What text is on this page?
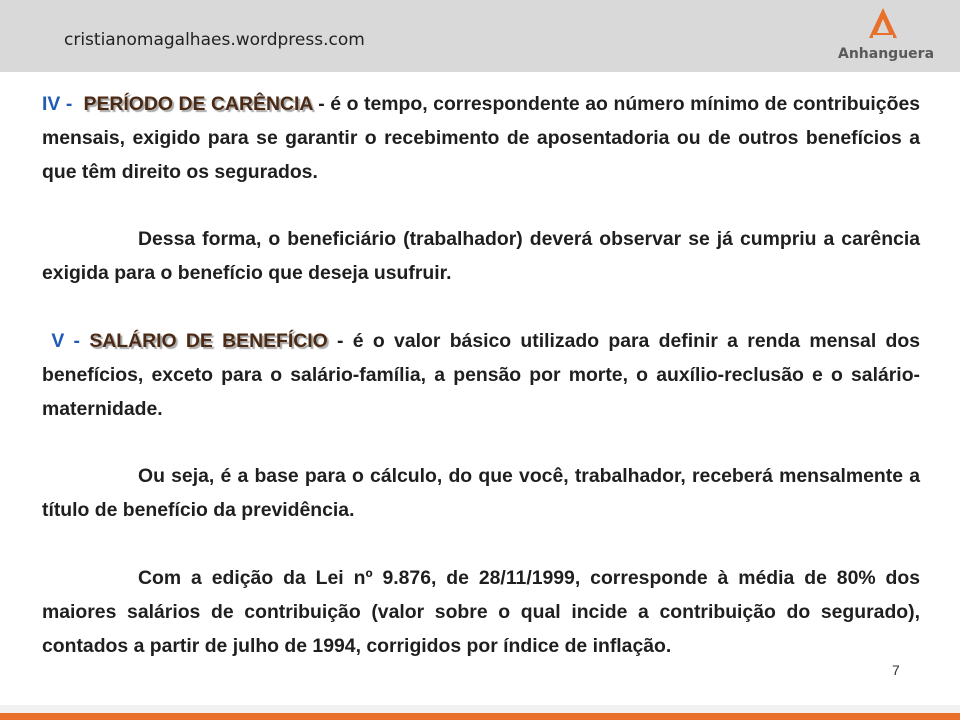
cristianomagalhaes.wordpress.com
Anhanguera

IV - PERÍODO DE CARÊNCIA - é o tempo, correspondente ao número mínimo de contribuições mensais, exigido para se garantir o recebimento de aposentadoria ou de outros benefícios a que têm direito os segurados.

Dessa forma, o beneficiário (trabalhador) deverá observar se já cumpriu a carência exigida para o benefício que deseja usufruir.

V - SALÁRIO DE BENEFÍCIO - é o valor básico utilizado para definir a renda mensal dos benefícios, exceto para o salário-família, a pensão por morte, o auxílio-reclusão e o salário-maternidade.

Ou seja, é a base para o cálculo, do que você, trabalhador, receberá mensalmente a título de benefício da previdência.

Com a edição da Lei nº 9.876, de 28/11/1999, corresponde à média de 80% dos maiores salários de contribuição (valor sobre o qual incide a contribuição do segurado), contados a partir de julho de 1994, corrigidos por índice de inflação.

7
